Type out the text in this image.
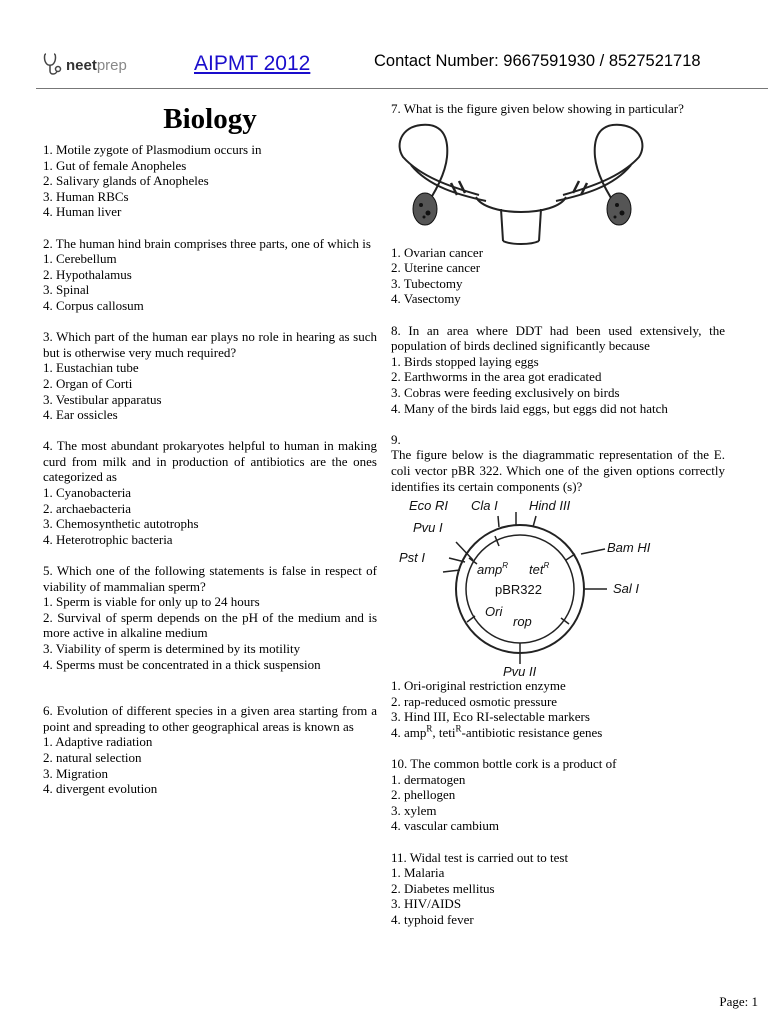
neetprep	AIPMT 2012	Contact Number: 9667591930 / 8527521718
Biology
1. Motile zygote of Plasmodium occurs in
1. Gut of female Anopheles
2. Salivary glands of Anopheles
3. Human RBCs
4. Human liver
2. The human hind brain comprises three parts, one of which is
1. Cerebellum
2. Hypothalamus
3. Spinal
4. Corpus callosum
3. Which part of the human ear plays no role in hearing as such but is otherwise very much required?
1. Eustachian tube
2. Organ of Corti
3. Vestibular apparatus
4. Ear ossicles
4. The most abundant prokaryotes helpful to human in making curd from milk and in production of antibiotics are the ones categorized as
1. Cyanobacteria
2. archaebacteria
3. Chemosynthetic autotrophs
4. Heterotrophic bacteria
5. Which one of the following statements is false in respect of viability of mammalian sperm?
1. Sperm is viable for only up to 24 hours
2. Survival of sperm depends on the pH of the medium and is more active in alkaline medium
3. Viability of sperm is determined by its motility
4. Sperms must be concentrated in a thick suspension
6. Evolution of different species in a given area starting from a point and spreading to other geographical areas is known as
1. Adaptive radiation
2. natural selection
3. Migration
4. divergent evolution
7. What is the figure given below showing in particular?
1. Ovarian cancer
2. Uterine cancer
3. Tubectomy
4. Vasectomy
8. In an area where DDT had been used extensively, the population of birds declined significantly because
1. Birds stopped laying eggs
2. Earthworms in the area got eradicated
3. Cobras were feeding exclusively on birds
4. Many of the birds laid eggs, but eggs did not hatch
9.
The figure below is the diagrammatic representation of the E. coli vector pBR 322. Which one of the given options correctly identifies its certain components (s)?
Eco RI Cla I Hind III
Pvu I
Bam HI
Pst I
Sal I
amp$^R$ tet$^R$
pBR322
Ori
rop
Pvu II
1. Ori-original restriction enzyme
2. rap-reduced osmotic pressure
3. Hind III, Eco RI-selectable markers
4. amp$^R$, teti$^R$-antibiotic resistance genes
10. The common bottle cork is a product of
1. dermatogen
2. phellogen
3. xylem
4. vascular cambium
11. Widal test is carried out to test
1. Malaria
2. Diabetes mellitus
3. HIV/AIDS
4. typhoid fever
Page: 1
